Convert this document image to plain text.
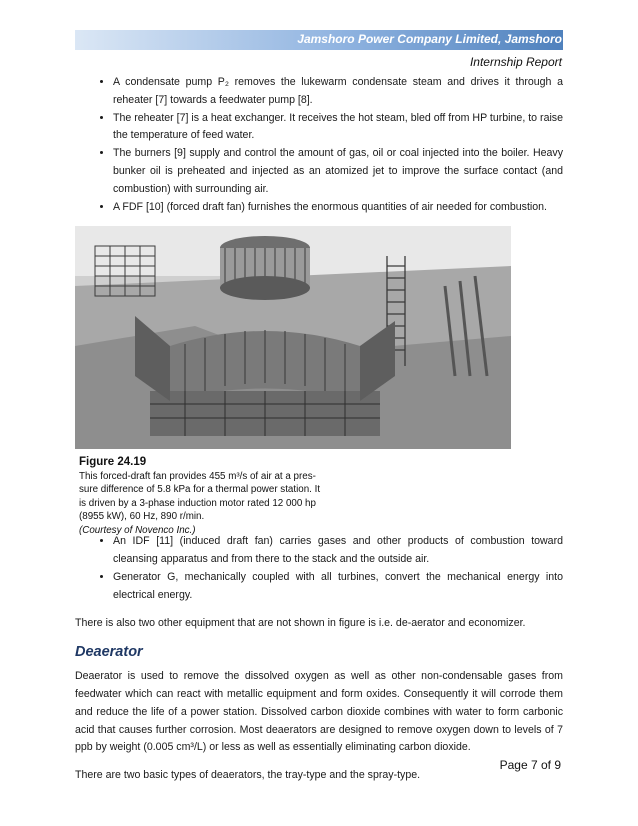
Jamshoro Power Company Limited, Jamshoro
Internship Report
• A condensate pump P₂ removes the lukewarm condensate steam and drives it through a reheater [7] towards a feedwater pump [8].
• The reheater [7] is a heat exchanger. It receives the hot steam, bled off from HP turbine, to raise the temperature of feed water.
• The burners [9] supply and control the amount of gas, oil or coal injected into the boiler. Heavy bunker oil is preheated and injected as an atomized jet to improve the surface contact (and combustion) with surrounding air.
• A FDF [10] (forced draft fan) furnishes the enormous quantities of air needed for combustion.
Figure 24.19
This forced-draft fan provides 455 m³/s of air at a pres-
sure difference of 5.8 kPa for a thermal power station. It
is driven by a 3-phase induction motor rated 12 000 hp
(8955 kW), 60 Hz, 890 r/min.
(Courtesy of Novenco Inc.)
• An IDF [11] (induced draft fan) carries gases and other products of combustion toward cleansing apparatus and from there to the stack and the outside air.
• Generator G, mechanically coupled with all turbines, convert the mechanical energy into electrical energy.

There is also two other equipment that are not shown in figure is i.e. de-aerator and economizer.

Deaerator

Deaerator is used to remove the dissolved oxygen as well as other non-condensable gases from feedwater which can react with metallic equipment and form oxides. Consequently it will corrode them and reduce the life of a power station. Dissolved carbon dioxide combines with water to form carbonic acid that causes further corrosion. Most deaerators are designed to remove oxygen down to levels of 7 ppb by weight (0.005 cm³/L) or less as well as essentially eliminating carbon dioxide.

There are two basic types of deaerators, the tray-type and the spray-type.

Page 7 of 9
